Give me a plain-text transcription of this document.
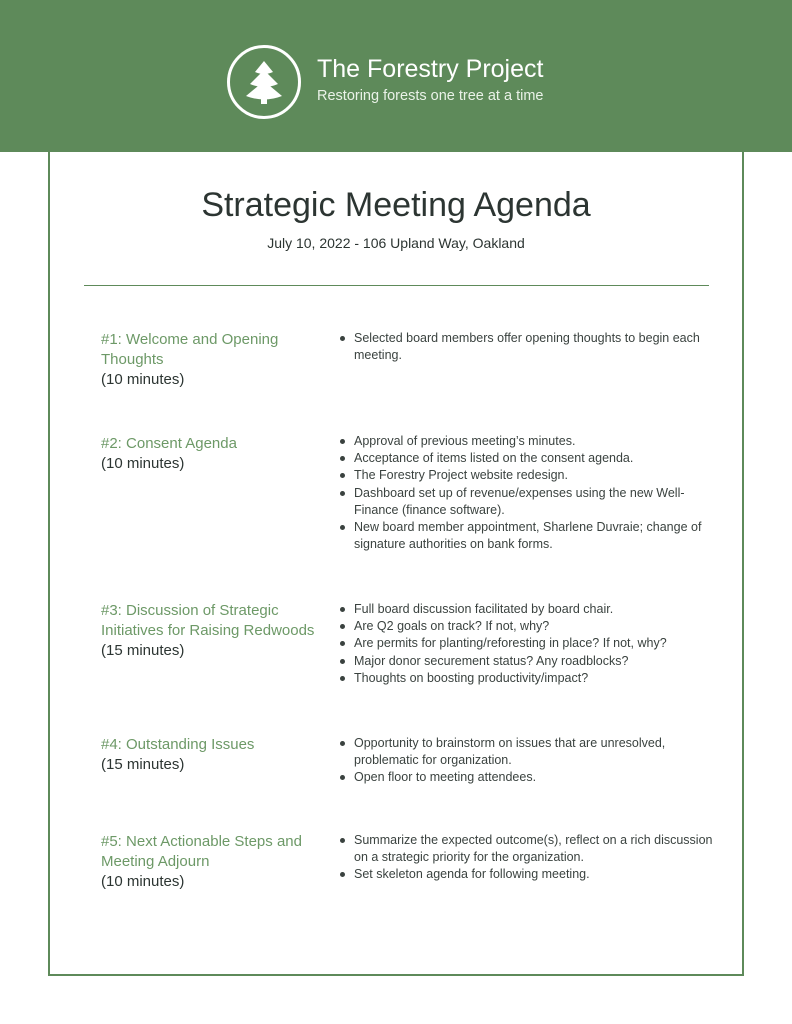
The Forestry Project
Restoring forests one tree at a time
Strategic Meeting Agenda
July 10, 2022 - 106 Upland Way, Oakland
#1: Welcome and Opening Thoughts
(10 minutes)
Selected board members offer opening thoughts to begin each meeting.
#2: Consent Agenda
(10 minutes)
Approval of previous meeting’s minutes.
Acceptance of items listed on the consent agenda.
The Forestry Project website redesign.
Dashboard set up of revenue/expenses using the new Well-Finance (finance software).
New board member appointment, Sharlene Duvraie; change of signature authorities on bank forms.
#3: Discussion of Strategic Initiatives for Raising Redwoods
(15 minutes)
Full board discussion facilitated by board chair.
Are Q2 goals on track? If not, why?
Are permits for planting/reforesting in place? If not, why?
Major donor securement status? Any roadblocks?
Thoughts on boosting productivity/impact?
#4: Outstanding Issues
(15 minutes)
Opportunity to brainstorm on issues that are unresolved, problematic for organization.
Open floor to meeting attendees.
#5: Next Actionable Steps and Meeting Adjourn
(10 minutes)
Summarize the expected outcome(s), reflect on a rich discussion on a strategic priority for the organization.
Set skeleton agenda for following meeting.
